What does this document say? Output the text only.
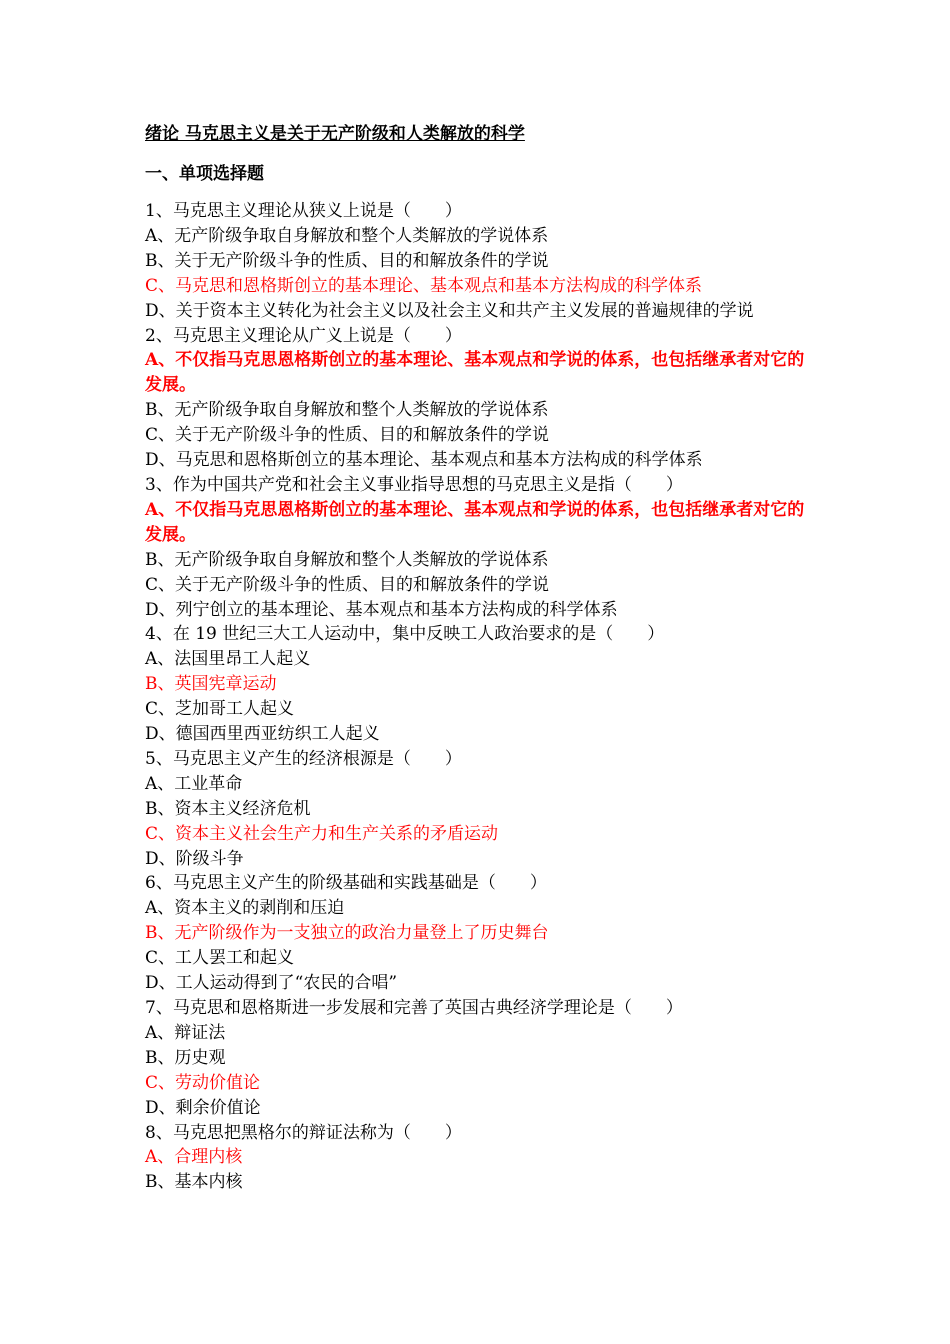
绪论 马克思主义是关于无产阶级和人类解放的科学
一、单项选择题
1、马克思主义理论从狭义上说是（　　）
A、无产阶级争取自身解放和整个人类解放的学说体系
B、关于无产阶级斗争的性质、目的和解放条件的学说
C、马克思和恩格斯创立的基本理论、基本观点和基本方法构成的科学体系
D、关于资本主义转化为社会主义以及社会主义和共产主义发展的普遍规律的学说
2、马克思主义理论从广义上说是（　　）
A、不仅指马克思恩格斯创立的基本理论、基本观点和学说的体系，也包括继承者对它的发展。
B、无产阶级争取自身解放和整个人类解放的学说体系
C、关于无产阶级斗争的性质、目的和解放条件的学说
D、马克思和恩格斯创立的基本理论、基本观点和基本方法构成的科学体系
3、作为中国共产党和社会主义事业指导思想的马克思主义是指（　　）
A、不仅指马克思恩格斯创立的基本理论、基本观点和学说的体系，也包括继承者对它的发展。
B、无产阶级争取自身解放和整个人类解放的学说体系
C、关于无产阶级斗争的性质、目的和解放条件的学说
D、列宁创立的基本理论、基本观点和基本方法构成的科学体系
4、在 19 世纪三大工人运动中，集中反映工人政治要求的是（　　）
A、法国里昂工人起义
B、英国宪章运动
C、芝加哥工人起义
D、德国西里西亚纺织工人起义
5、马克思主义产生的经济根源是（　　）
A、工业革命
B、资本主义经济危机
C、资本主义社会生产力和生产关系的矛盾运动
D、阶级斗争
6、马克思主义产生的阶级基础和实践基础是（　　）
A、资本主义的剥削和压迫
B、无产阶级作为一支独立的政治力量登上了历史舞台
C、工人罢工和起义
D、工人运动得到了“农民的合唱”
7、马克思和恩格斯进一步发展和完善了英国古典经济学理论是（　　）
A、辩证法
B、历史观
C、劳动价值论
D、剩余价值论
8、马克思把黑格尔的辩证法称为（　　）
A、合理内核
B、基本内核
